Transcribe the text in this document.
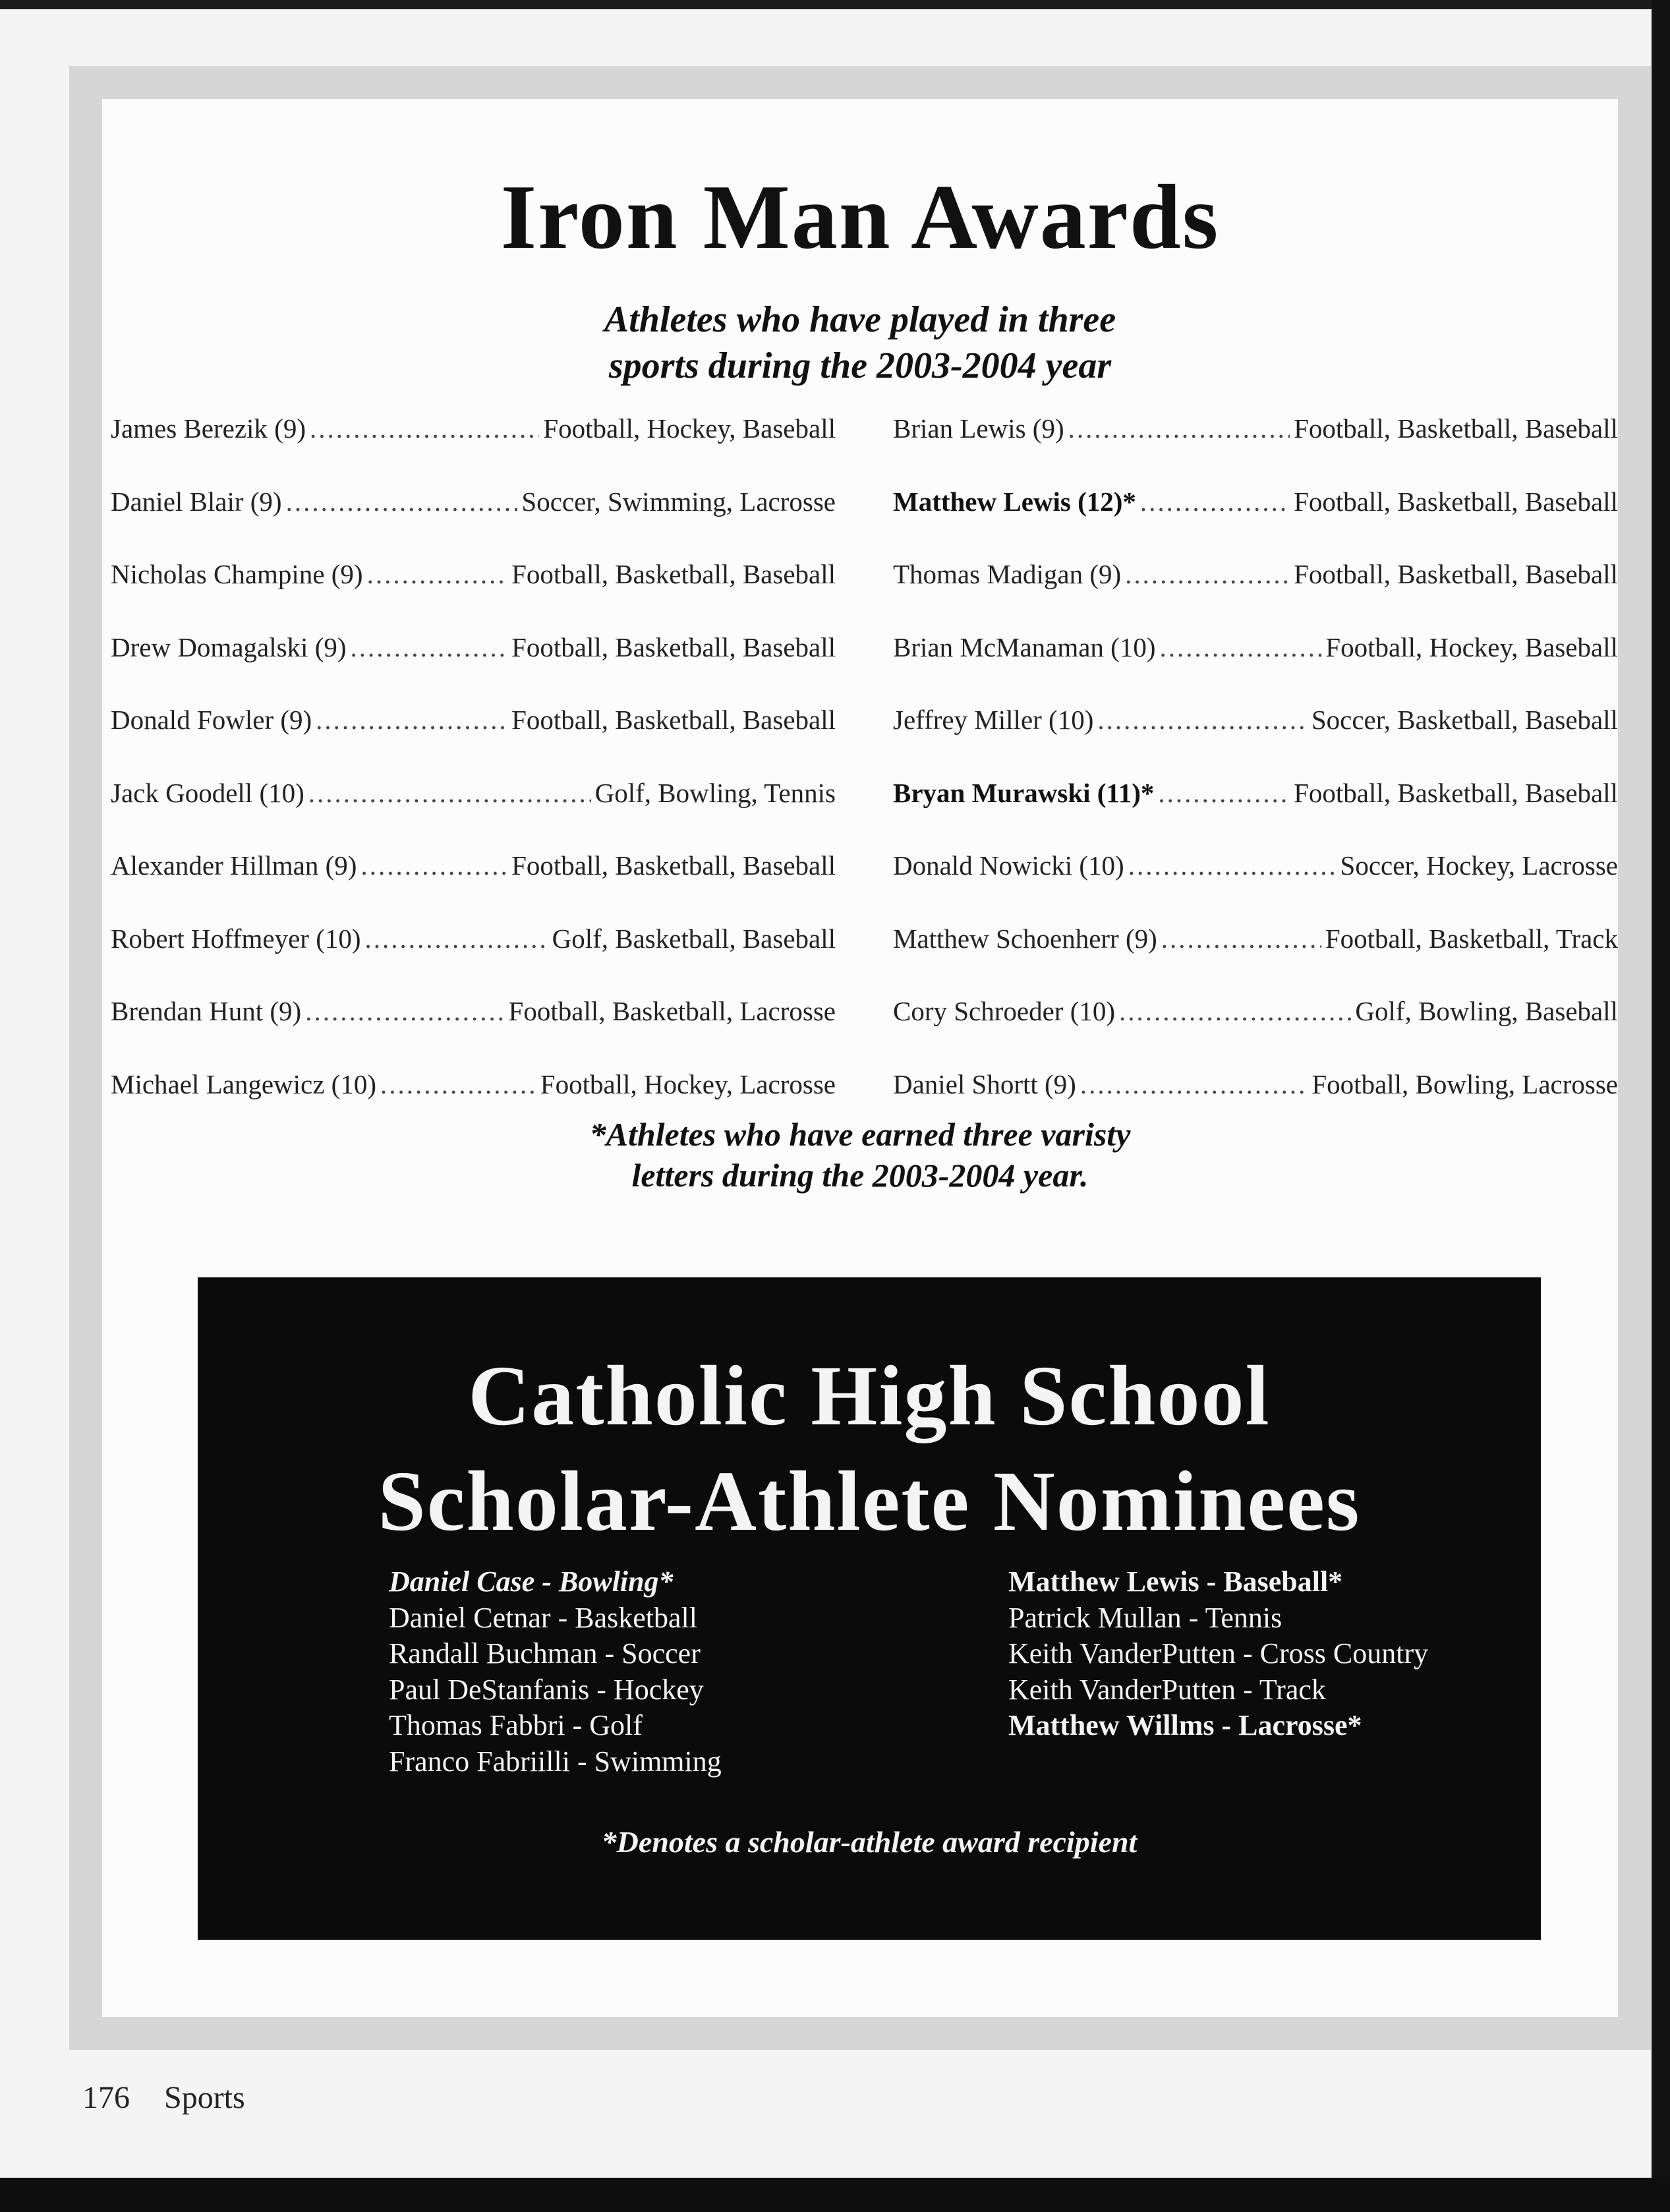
Iron Man Awards
Athletes who have played in three
sports during the 2003-2004 year
James Berezik (9) .....	Football, Hockey, Baseball
Daniel Blair (9) .....	Soccer, Swimming, Lacrosse
Nicholas Champine (9) .....	Football, Basketball, Baseball
Drew Domagalski (9) .....	Football, Basketball, Baseball
Donald Fowler (9) .....	Football, Basketball, Baseball
Jack Goodell (10) .....	Golf, Bowling, Tennis
Alexander Hillman (9) .....	Football, Basketball, Baseball
Robert Hoffmeyer (10) .....	Golf, Basketball, Baseball
Brendan Hunt (9) .....	Football, Basketball, Lacrosse
Michael Langewicz (10) .....	Football, Hockey, Lacrosse
Brian Lewis (9) .....	Football, Basketball, Baseball
Matthew Lewis (12)* .....	Football, Basketball, Baseball
Thomas Madigan (9) .....	Football, Basketball, Baseball
Brian McManaman (10) .....	Football, Hockey, Baseball
Jeffrey Miller (10) .....	Soccer, Basketball, Baseball
Bryan Murawski (11)* .....	Football, Basketball, Baseball
Donald Nowicki (10) .....	Soccer, Hockey, Lacrosse
Matthew Schoenherr (9) .....	Football, Basketball, Track
Cory Schroeder (10) .....	Golf, Bowling, Baseball
Daniel Shortt (9) .....	Football, Bowling, Lacrosse
*Athletes who have earned three varisty
letters during the 2003-2004 year.
Catholic High School
Scholar-Athlete Nominees
Daniel Case - Bowling*
Daniel Cetnar - Basketball
Randall Buchman - Soccer
Paul DeStanfanis - Hockey
Thomas Fabbri - Golf
Franco Fabriilli - Swimming
Matthew Lewis - Baseball*
Patrick Mullan - Tennis
Keith VanderPutten - Cross Country
Keith VanderPutten - Track
Matthew Willms - Lacrosse*
*Denotes a scholar-athlete award recipient
176 Sports
